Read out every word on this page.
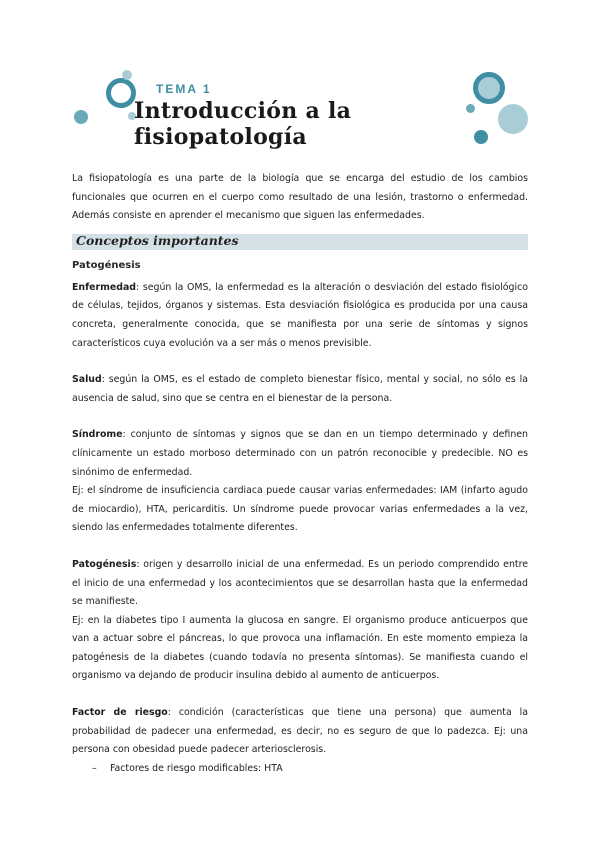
TEMA 1
Introducción a la fisiopatología

La fisiopatología es una parte de la biología que se encarga del estudio de los cambios funcionales que ocurren en el cuerpo como resultado de una lesión, trastorno o enfermedad. Además consiste en aprender el mecanismo que siguen las enfermedades.

Conceptos importantes
Patogénesis

Enfermedad: según la OMS, la enfermedad es la alteración o desviación del estado fisiológico de células, tejidos, órganos y sistemas. Esta desviación fisiológica es producida por una causa concreta, generalmente conocida, que se manifiesta por una serie de síntomas y signos característicos cuya evolución va a ser más o menos previsible.

Salud: según la OMS, es el estado de completo bienestar físico, mental y social, no sólo es la ausencia de salud, sino que se centra en el bienestar de la persona.

Síndrome: conjunto de síntomas y signos que se dan en un tiempo determinado y definen clínicamente un estado morboso determinado con un patrón reconocible y predecible. NO es sinónimo de enfermedad.

Ej: el síndrome de insuficiencia cardiaca puede causar varias enfermedades: IAM (infarto agudo de miocardio), HTA, pericarditis. Un síndrome puede provocar varias enfermedades a la vez, siendo las enfermedades totalmente diferentes.

Patogénesis: origen y desarrollo inicial de una enfermedad. Es un periodo comprendido entre el inicio de una enfermedad y los acontecimientos que se desarrollan hasta que la enfermedad se manifieste.

Ej: en la diabetes tipo I aumenta la glucosa en sangre. El organismo produce anticuerpos que van a actuar sobre el páncreas, lo que provoca una inflamación. En este momento empieza la patogénesis de la diabetes (cuando todavía no presenta síntomas). Se manifiesta cuando el organismo va dejando de producir insulina debido al aumento de anticuerpos.

Factor de riesgo: condición (características que tiene una persona) que aumenta la probabilidad de padecer una enfermedad, es decir, no es seguro de que lo padezca. Ej: una persona con obesidad puede padecer arteriosclerosis.

– Factores de riesgo modificables: HTA
